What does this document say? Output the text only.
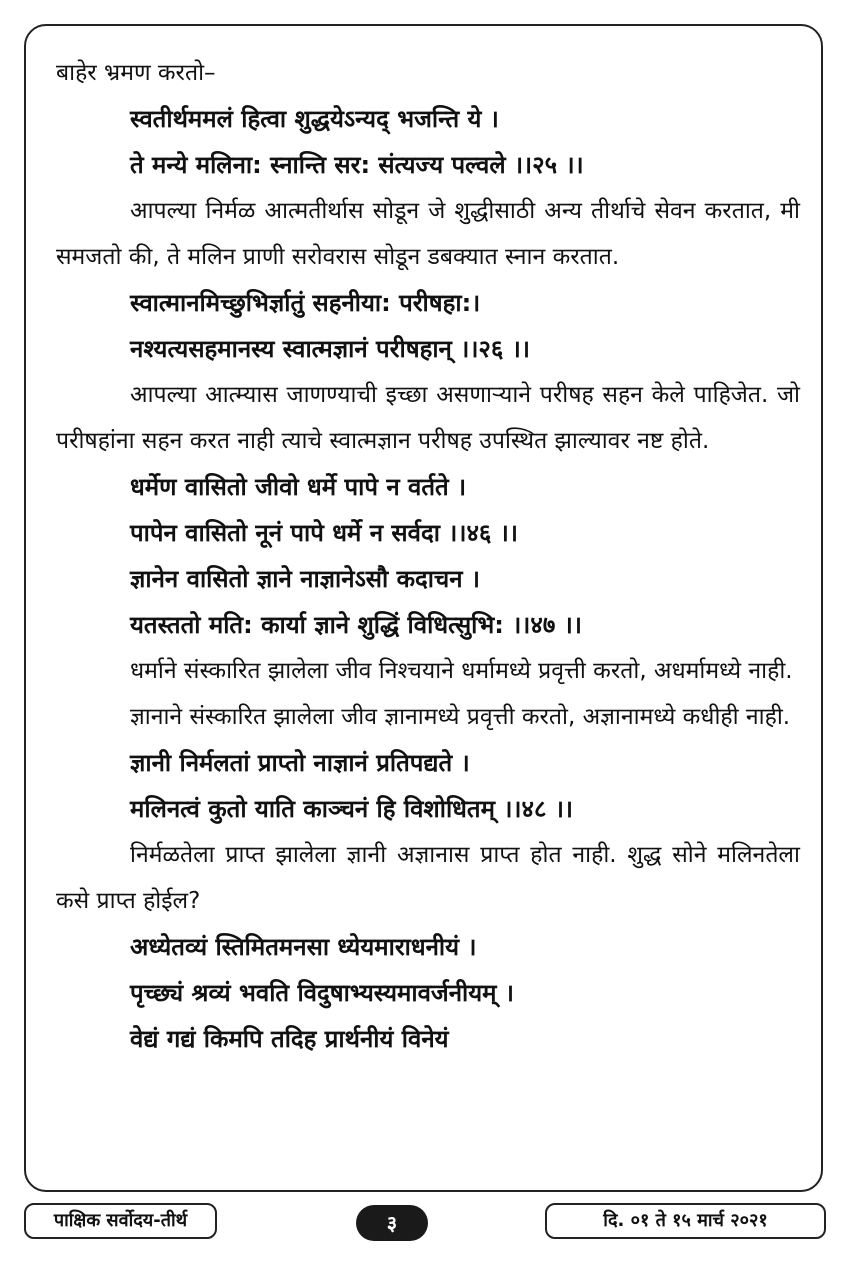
बाहेर भ्रमण करतो–
स्वतीर्थममलं हित्वा शुद्धयेऽन्यद् भजन्ति ये ।
ते मन्ये मलिना: स्नान्ति सर: संत्यज्य पल्वले ।।२५ ।।
आपल्या निर्मळ आत्मतीर्थास सोडून जे शुद्धीसाठी अन्य तीर्थाचे सेवन करतात, मी समजतो की, ते मलिन प्राणी सरोवरास सोडून डबक्यात स्नान करतात.
स्वात्मानमिच्छुभिर्ज्ञातुं सहनीया: परीषहा:।
नश्यत्यसहमानस्य स्वात्मज्ञानं परीषहान् ।।२६ ।।
आपल्या आत्म्यास जाणण्याची इच्छा असणाऱ्याने परीषह सहन केले पाहिजेत. जो परीषहांना सहन करत नाही त्याचे स्वात्मज्ञान परीषह उपस्थित झाल्यावर नष्ट होते.
धर्मेण वासितो जीवो धर्मे पापे न वर्तते ।
पापेन वासितो नूनं पापे धर्मे न सर्वदा ।।४६ ।।
ज्ञानेन वासितो ज्ञाने नाज्ञानेऽसौ कदाचन ।
यतस्ततो मति: कार्या ज्ञाने शुद्धिं विधित्सुभि: ।।४७ ।।
धर्माने संस्कारित झालेला जीव निश्चयाने धर्मामध्ये प्रवृत्ती करतो, अधर्मामध्ये नाही.
ज्ञानाने संस्कारित झालेला जीव ज्ञानामध्ये प्रवृत्ती करतो, अज्ञानामध्ये कधीही नाही.
ज्ञानी निर्मलतां प्राप्तो नाज्ञानं प्रतिपद्यते ।
मलिनत्वं कुतो याति काञ्चनं हि विशोधितम् ।।४८ ।।
निर्मळतेला प्राप्त झालेला ज्ञानी अज्ञानास प्राप्त होत नाही. शुद्ध सोने मलिनतेला कसे प्राप्त होईल?
अध्येतव्यं स्तिमितमनसा ध्येयमाराधनीयं ।
पृच्छ्यं श्रव्यं भवति विदुषाभ्यस्यमावर्जनीयम् ।
वेद्यं गद्यं किमपि तदिह प्रार्थनीयं विनेयं
पाक्षिक सर्वोदय-तीर्थ	३	दि. ०१ ते १५ मार्च २०२१
